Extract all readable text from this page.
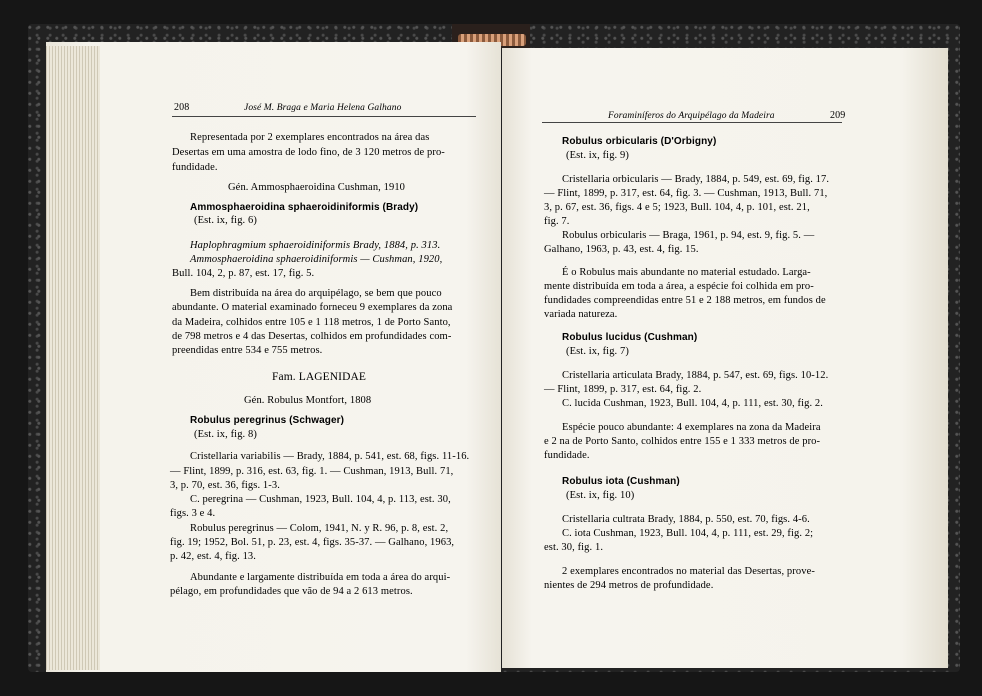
208	José M. Braga e Maria Helena Galhano
Representada por 2 exemplares encontrados na área das
Desertas em uma amostra de lodo fino, de 3 120 metros de pro-
fundidade.
Gén. Ammosphaeroidina Cushman, 1910
Ammosphaeroidina sphaeroidiniformis (Brady)
(Est. ix, fig. 6)
Haplophragmium sphaeroidiniformis Brady, 1884, p. 313.
Ammosphaeroidina sphaeroidiniformis — Cushman, 1920,
Bull. 104, 2, p. 87, est. 17, fig. 5.
Bem distribuída na área do arquipélago, se bem que pouco
abundante. O material examinado forneceu 9 exemplares da zona
da Madeira, colhidos entre 105 e 1 118 metros, 1 de Porto Santo,
de 798 metros e 4 das Desertas, colhidos em profundidades com-
preendidas entre 534 e 755 metros.
Fam. LAGENIDAE
Gén. Robulus Montfort, 1808
Robulus peregrinus (Schwager)
(Est. ix, fig. 8)
Cristellaria variabilis — Brady, 1884, p. 541, est. 68, figs. 11-16.
— Flint, 1899, p. 316, est. 63, fig. 1. — Cushman, 1913, Bull. 71,
3, p. 70, est. 36, figs. 1-3.
C. peregrina — Cushman, 1923, Bull. 104, 4, p. 113, est. 30,
figs. 3 e 4.
Robulus peregrinus — Colom, 1941, N. y R. 96, p. 8, est. 2,
fig. 19; 1952, Bol. 51, p. 23, est. 4, figs. 35-37. — Galhano, 1963,
p. 42, est. 4, fig. 13.
Abundante e largamente distribuída em toda a área do arqui-
pélago, em profundidades que vão de 94 a 2 613 metros.
Foraminíferos do Arquipélago da Madeira	209
Robulus orbicularis (D'Orbigny)
(Est. ix, fig. 9)
Cristellaria orbicularis — Brady, 1884, p. 549, est. 69, fig. 17.
— Flint, 1899, p. 317, est. 64, fig. 3. — Cushman, 1913, Bull. 71,
3, p. 67, est. 36, figs. 4 e 5; 1923, Bull. 104, 4, p. 101, est. 21,
fig. 7.
Robulus orbicularis — Braga, 1961, p. 94, est. 9, fig. 5. —
Galhano, 1963, p. 43, est. 4, fig. 15.
É o Robulus mais abundante no material estudado. Larga-
mente distribuída em toda a área, a espécie foi colhida em pro-
fundidades compreendidas entre 51 e 2 188 metros, em fundos de
variada natureza.
Robulus lucidus (Cushman)
(Est. ix, fig. 7)
Cristellaria articulata Brady, 1884, p. 547, est. 69, figs. 10-12.
— Flint, 1899, p. 317, est. 64, fig. 2.
C. lucida Cushman, 1923, Bull. 104, 4, p. 111, est. 30, fig. 2.
Espécie pouco abundante: 4 exemplares na zona da Madeira
e 2 na de Porto Santo, colhidos entre 155 e 1 333 metros de pro-
fundidade.
Robulus iota (Cushman)
(Est. ix, fig. 10)
Cristellaria cultrata Brady, 1884, p. 550, est. 70, figs. 4-6.
C. iota Cushman, 1923, Bull. 104, 4, p. 111, est. 29, fig. 2;
est. 30, fig. 1.
2 exemplares encontrados no material das Desertas, prove-
nientes de 294 metros de profundidade.
